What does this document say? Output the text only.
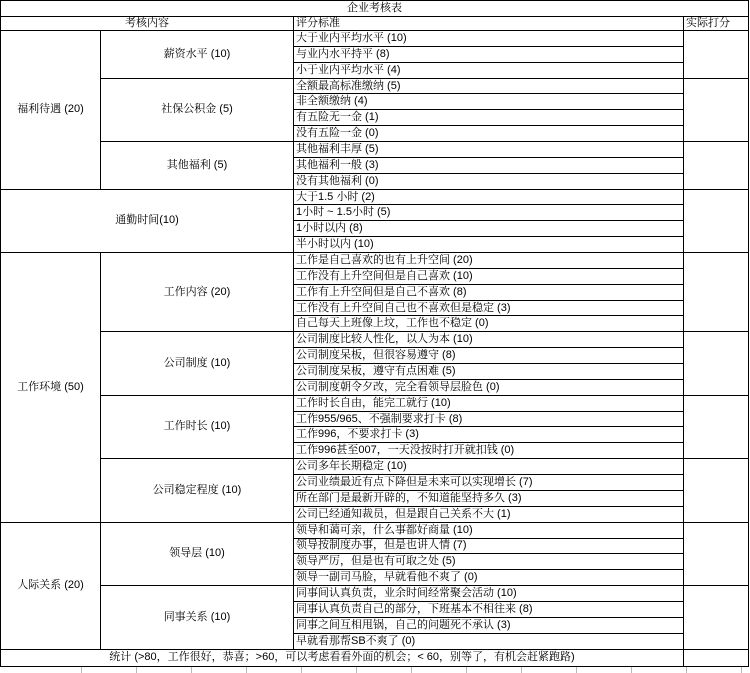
企业考核表			
考核内容		评分标准	实际打分
福利待遇 (20)	薪资水平 (10)	大于业内平均水平 (10)	
		与业内水平持平 (8)	
		小于业内平均水平 (4)	
	社保公积金 (5)	全额最高标准缴纳 (5)	
		非全额缴纳 (4)	
		有五险无一金 (1)	
		没有五险一金 (0)	
	其他福利 (5)	其他福利丰厚 (5)	
		其他福利一般 (3)	
		没有其他福利 (0)	
通勤时间(10)		大于1.5 小时 (2)	
		1小时 ~ 1.5小时 (5)	
		1小时以内 (8)	
		半小时以内 (10)	
工作环境 (50)	工作内容 (20)	工作是自己喜欢的也有上升空间 (20)	
		工作没有上升空间但是自己喜欢 (10)	
		工作有上升空间但是自己不喜欢 (8)	
		工作没有上升空间自己也不喜欢但是稳定 (3)	
		自己每天上班像上坟，工作也不稳定 (0)	
	公司制度 (10)	公司制度比较人性化，以人为本 (10)	
		公司制度呆板，但很容易遵守 (8)	
		公司制度呆板，遵守有点困难 (5)	
		公司制度朝令夕改，完全看领导层脸色 (0)	
	工作时长 (10)	工作时长自由，能完工就行 (10)	
		工作955/965、不强制要求打卡 (8)	
		工作996，不要求打卡 (3)	
		工作996甚至007，一天没按时打开就扣钱 (0)	
	公司稳定程度 (10)	公司多年长期稳定 (10)	
		公司业绩最近有点下降但是未来可以实现增长 (7)	
		所在部门是最新开辟的，不知道能坚持多久 (3)	
		公司已经通知裁员，但是跟自己关系不大 (1)	
人际关系 (20)	领导层 (10)	领导和蔼可亲，什么事都好商量 (10)	
		领导按制度办事，但是也讲人情 (7)	
		领导严厉，但是也有可取之处 (5)	
		领导一副司马脸，早就看他不爽了 (0)	
	同事关系 (10)	同事间认真负责，业余时间经常聚会活动 (10)	
		同事认真负责自己的部分，下班基本不相往来 (8)	
		同事之间互相甩锅，自己的问题死不承认 (3)	
		早就看那帮SB不爽了 (0)	
统计 (>80，工作很好，恭喜；>60，可以考虑看看外面的机会；< 60，别等了，有机会赶紧跑路)			
